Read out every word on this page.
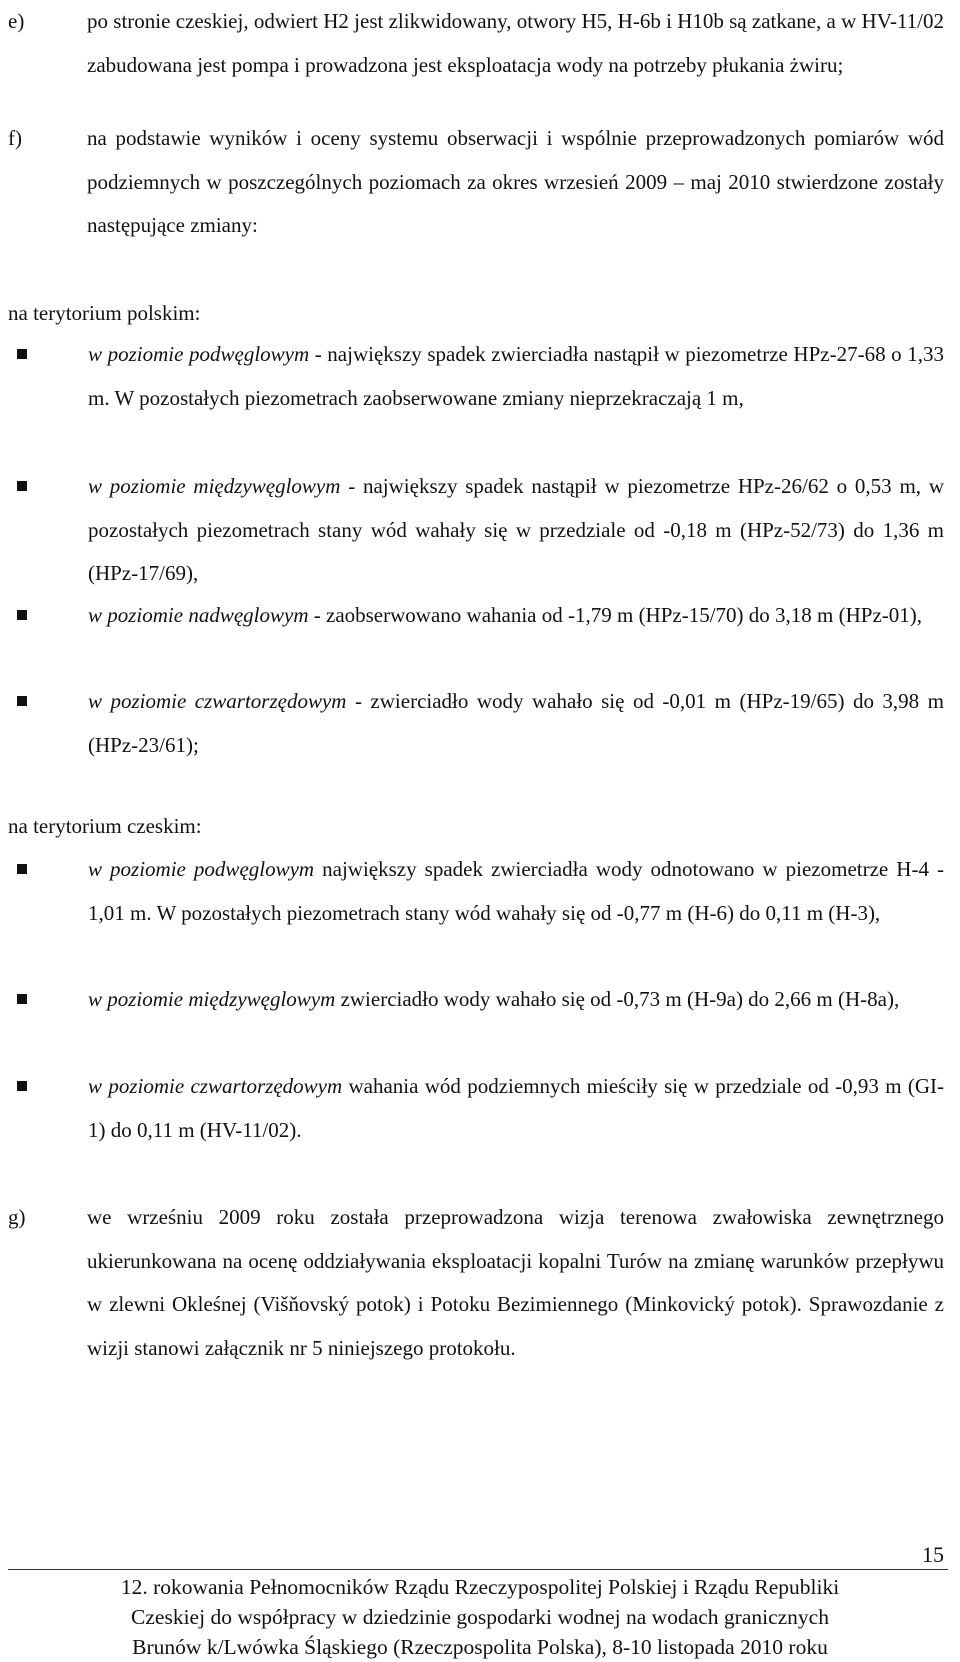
e)	po stronie czeskiej, odwiert H2 jest zlikwidowany, otwory H5, H-6b i H10b są zatkane, a w HV-11/02 zabudowana jest pompa i prowadzona jest eksploatacja wody na potrzeby płukania żwiru;
f)	na podstawie wyników i oceny systemu obserwacji i wspólnie przeprowadzonych pomiarów wód podziemnych w poszczególnych poziomach za okres wrzesień 2009 – maj 2010 stwierdzone zostały następujące zmiany:
na terytorium polskim:
w poziomie podwęglowym - największy spadek zwierciadła nastąpił w piezometrze HPz-27-68 o 1,33 m. W pozostałych piezometrach zaobserwowane zmiany nieprzekraczają 1 m,
w poziomie międzywęglowym - największy spadek nastąpił w piezometrze HPz-26/62 o 0,53 m, w pozostałych piezometrach stany wód wahały się w przedziale od -0,18 m (HPz-52/73) do 1,36 m (HPz-17/69),
w poziomie nadwęglowym - zaobserwowano wahania od -1,79 m (HPz-15/70) do 3,18 m (HPz-01),
w poziomie czwartorzędowym - zwierciadło wody wahało się od -0,01 m (HPz-19/65) do 3,98 m (HPz-23/61);
na terytorium czeskim:
w poziomie podwęglowym największy spadek zwierciadła wody odnotowano w piezometrze H-4 - 1,01 m. W pozostałych piezometrach stany wód wahały się od -0,77 m (H-6) do 0,11 m (H-3),
w poziomie międzywęglowym zwierciadło wody wahało się od -0,73 m (H-9a) do 2,66 m (H-8a),
w poziomie czwartorzędowym wahania wód podziemnych mieściły się w przedziale od -0,93 m (GI-1) do 0,11 m (HV-11/02).
g)	we wrześniu 2009 roku została przeprowadzona wizja terenowa zwałowiska zewnętrznego ukierunkowana na ocenę oddziaływania eksploatacji kopalni Turów na zmianę warunków przepływu w zlewni Okleśnej (Višňovský potok) i Potoku Bezimiennego (Minkovický potok). Sprawozdanie z wizji stanowi załącznik nr 5 niniejszego protokołu.
15
12. rokowania Pełnomocników Rządu Rzeczypospolitej Polskiej i Rządu Republiki
Czeskiej do współpracy w dziedzinie gospodarki wodnej na wodach granicznych
Brunów k/Lwówka Śląskiego (Rzeczpospolita Polska), 8-10 listopada 2010 roku
